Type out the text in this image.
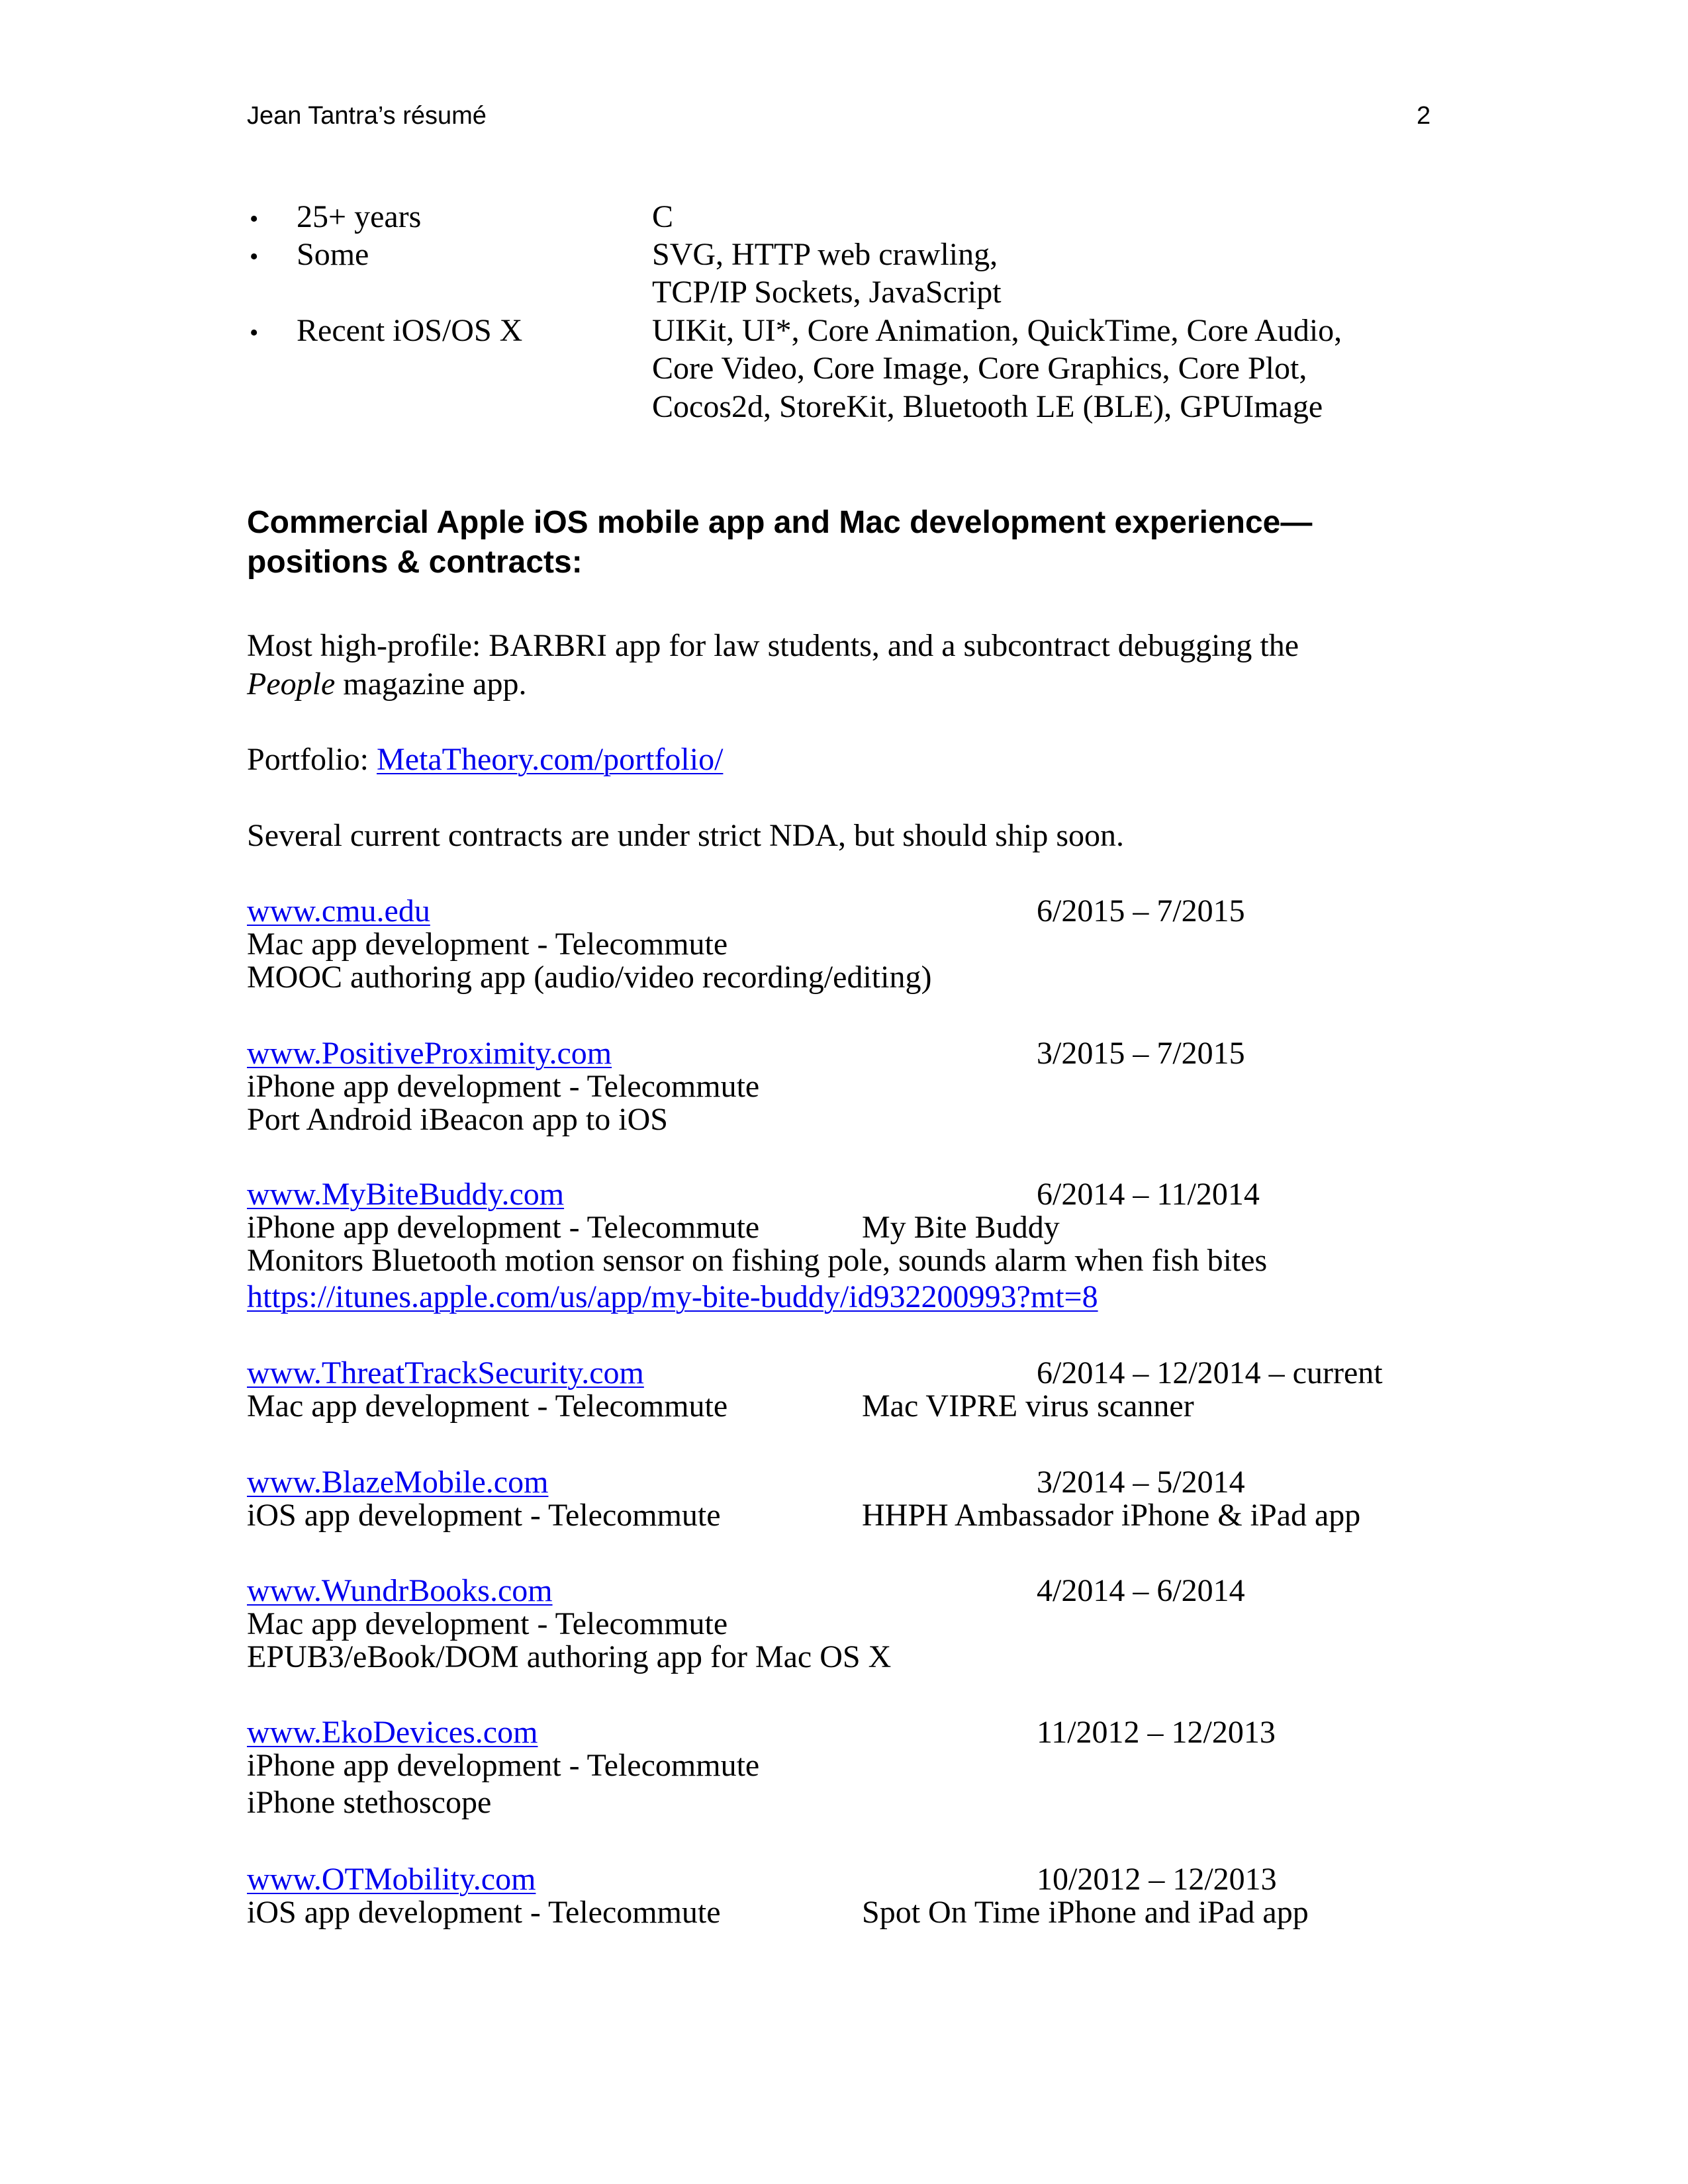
Jean Tantra’s résumé	2
• 25+ years	C
• Some	SVG, HTTP web crawling,
TCP/IP Sockets, JavaScript
• Recent iOS/OS X	UIKit, UI*, Core Animation, QuickTime, Core Audio,
Core Video, Core Image, Core Graphics, Core Plot,
Cocos2d, StoreKit, Bluetooth LE (BLE), GPUImage
Commercial Apple iOS mobile app and Mac development experience—
positions & contracts:
Most high-profile: BARBRI app for law students, and a subcontract debugging the
People magazine app.
Portfolio: MetaTheory.com/portfolio/
Several current contracts are under strict NDA, but should ship soon.
www.cmu.edu	6/2015 – 7/2015
Mac app development - Telecommute
MOOC authoring app (audio/video recording/editing)
www.PositiveProximity.com	3/2015 – 7/2015
iPhone app development - Telecommute
Port Android iBeacon app to iOS
www.MyBiteBuddy.com	6/2014 – 11/2014
iPhone app development - Telecommute	My Bite Buddy
Monitors Bluetooth motion sensor on fishing pole, sounds alarm when fish bites
https://itunes.apple.com/us/app/my-bite-buddy/id932200993?mt=8
www.ThreatTrackSecurity.com	6/2014 – 12/2014 – current
Mac app development - Telecommute	Mac VIPRE virus scanner
www.BlazeMobile.com	3/2014 – 5/2014
iOS app development - Telecommute	HHPH Ambassador iPhone & iPad app
www.WundrBooks.com	4/2014 – 6/2014
Mac app development - Telecommute
EPUB3/eBook/DOM authoring app for Mac OS X
www.EkoDevices.com	11/2012 – 12/2013
iPhone app development - Telecommute
iPhone stethoscope
www.OTMobility.com	10/2012 – 12/2013
iOS app development - Telecommute	Spot On Time iPhone and iPad app
